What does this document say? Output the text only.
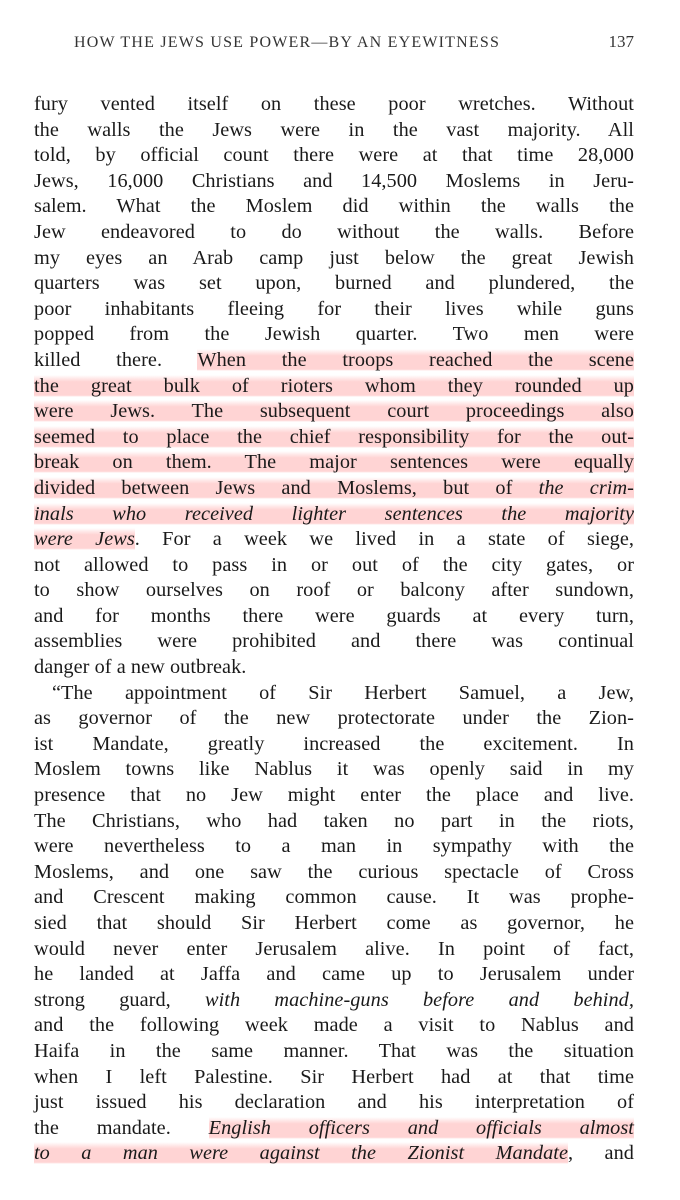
HOW THE JEWS USE POWER—BY AN EYEWITNESS	137
fury vented itself on these poor wretches. Without
the walls the Jews were in the vast majority. All
told, by official count there were at that time 28,000
Jews, 16,000 Christians and 14,500 Moslems in Jeru-
salem. What the Moslem did within the walls the
Jew endeavored to do without the walls. Before
my eyes an Arab camp just below the great Jewish
quarters was set upon, burned and plundered, the
poor inhabitants fleeing for their lives while guns
popped from the Jewish quarter. Two men were
killed there. When the troops reached the scene
the great bulk of rioters whom they rounded up
were Jews. The subsequent court proceedings also
seemed to place the chief responsibility for the out-
break on them. The major sentences were equally
divided between Jews and Moslems, but of the crim-
inals who received lighter sentences the majority
were Jews. For a week we lived in a state of siege,
not allowed to pass in or out of the city gates, or
to show ourselves on roof or balcony after sundown,
and for months there were guards at every turn,
assemblies were prohibited and there was continual
danger of a new outbreak.
“The appointment of Sir Herbert Samuel, a Jew,
as governor of the new protectorate under the Zion-
ist Mandate, greatly increased the excitement. In
Moslem towns like Nablus it was openly said in my
presence that no Jew might enter the place and live.
The Christians, who had taken no part in the riots,
were nevertheless to a man in sympathy with the
Moslems, and one saw the curious spectacle of Cross
and Crescent making common cause. It was prophe-
sied that should Sir Herbert come as governor, he
would never enter Jerusalem alive. In point of fact,
he landed at Jaffa and came up to Jerusalem under
strong guard, with machine-guns before and behind,
and the following week made a visit to Nablus and
Haifa in the same manner. That was the situation
when I left Palestine. Sir Herbert had at that time
just issued his declaration and his interpretation of
the mandate. English officers and officials almost
to a man were against the Zionist Mandate, and
